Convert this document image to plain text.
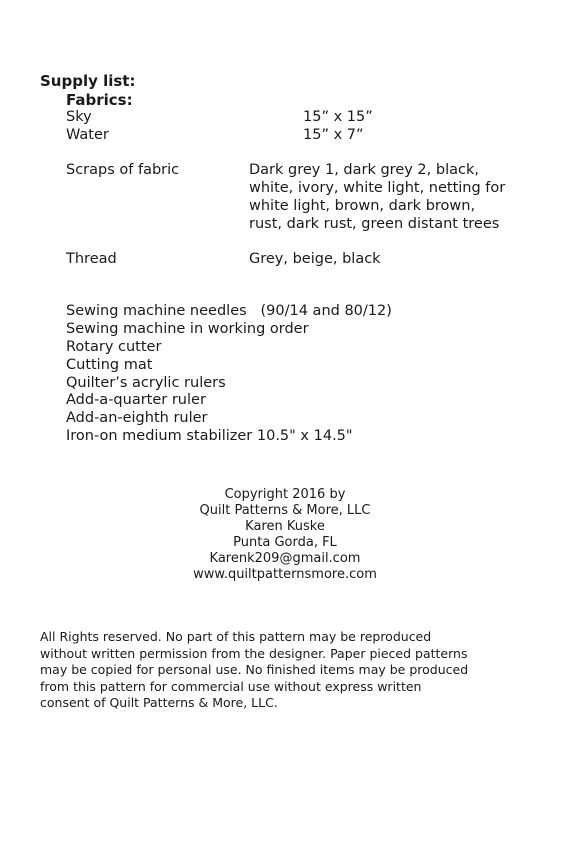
Supply list:
Fabrics:
Sky	15” x 15”
Water	15” x 7”
Scraps of fabric	Dark grey 1, dark grey 2, black,
white, ivory, white light, netting for
white light, brown, dark brown,
rust, dark rust, green distant trees
Thread	Grey, beige, black
Sewing machine needles   (90/14 and 80/12)
Sewing machine in working order
Rotary cutter
Cutting mat
Quilter’s acrylic rulers
Add-a-quarter ruler
Add-an-eighth ruler
Iron-on medium stabilizer 10.5" x 14.5"
Copyright 2016 by
Quilt Patterns & More, LLC
Karen Kuske
Punta Gorda, FL
Karenk209@gmail.com
www.quiltpatternsmore.com
All Rights reserved. No part of this pattern may be reproduced
without written permission from the designer. Paper pieced patterns
may be copied for personal use. No finished items may be produced
from this pattern for commercial use without express written
consent of Quilt Patterns & More, LLC.
